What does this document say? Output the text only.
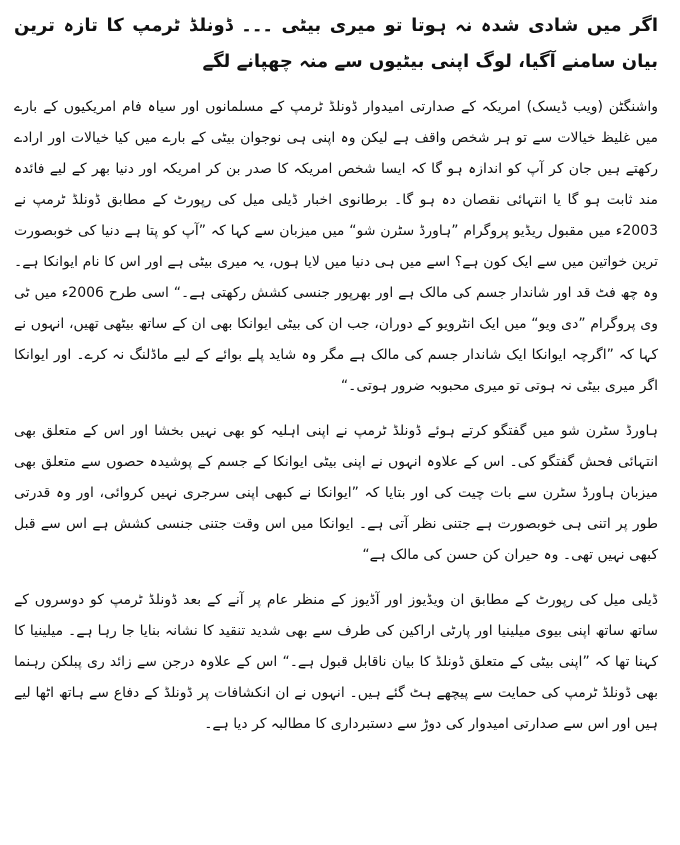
اگر میں شادی شدہ نہ ہوتا تو میری بیٹی ۔۔۔ ڈونلڈ ٹرمپ کا تازہ ترین بیان سامنے آگیا، لوگ اپنی بیٹیوں سے منہ چھپانے لگے

واشنگٹن (ویب ڈیسک) امریکہ کے صدارتی امیدوار ڈونلڈ ٹرمپ کے مسلمانوں اور سیاہ فام امریکیوں کے بارے میں غلیظ خیالات سے تو ہر شخص واقف ہے لیکن وہ اپنی ہی نوجوان بیٹی کے بارے میں کیا خیالات اور ارادے رکھتے ہیں جان کر آپ کو اندازہ ہو گا کہ ایسا شخص امریکہ کا صدر بن کر امریکہ اور دنیا بھر کے لیے فائدہ مند ثابت ہو گا یا انتہائی نقصان دہ ہو گا۔ برطانوی اخبار ڈیلی میل کی رپورٹ کے مطابق ڈونلڈ ٹرمپ نے 2003ء میں مقبول ریڈیو پروگرام ”ہاورڈ سٹرن شو“ میں میزبان سے کہا کہ ”آپ کو پتا ہے دنیا کی خوبصورت ترین خواتین میں سے ایک کون ہے؟ اسے میں ہی دنیا میں لایا ہوں، یہ میری بیٹی ہے اور اس کا نام ایوانکا ہے۔ وہ چھ فٹ قد اور شاندار جسم کی مالک ہے اور بھرپور جنسی کشش رکھتی ہے۔“ اسی طرح 2006ء میں ٹی وی پروگرام ”دی ویو“ میں ایک انٹرویو کے دوران، جب ان کی بیٹی ایوانکا بھی ان کے ساتھ بیٹھی تھیں، انہوں نے کہا کہ ”اگرچہ ایوانکا ایک شاندار جسم کی مالک ہے مگر وہ شاید پلے بوائے کے لیے ماڈلنگ نہ کرے۔ اور ایوانکا اگر میری بیٹی نہ ہوتی تو میری محبوبہ ضرور ہوتی۔“

ہاورڈ سٹرن شو میں گفتگو کرتے ہوئے ڈونلڈ ٹرمپ نے اپنی اہلیہ کو بھی نہیں بخشا اور اس کے متعلق بھی انتہائی فحش گفتگو کی۔ اس کے علاوہ انہوں نے اپنی بیٹی ایوانکا کے جسم کے پوشیدہ حصوں سے متعلق بھی میزبان ہاورڈ سٹرن سے بات چیت کی اور بتایا کہ ”ایوانکا نے کبھی اپنی سرجری نہیں کروائی، اور وہ قدرتی طور پر اتنی ہی خوبصورت ہے جتنی نظر آتی ہے۔ ایوانکا میں اس وقت جتنی جنسی کشش ہے اس سے قبل کبھی نہیں تھی۔ وہ حیران کن حسن کی مالک ہے“

ڈیلی میل کی رپورٹ کے مطابق ان ویڈیوز اور آڈیوز کے منظر عام پر آنے کے بعد ڈونلڈ ٹرمپ کو دوسروں کے ساتھ ساتھ اپنی بیوی میلینیا اور پارٹی اراکین کی طرف سے بھی شدید تنقید کا نشانہ بنایا جا رہا ہے۔ میلینیا کا کہنا تھا کہ ”اپنی بیٹی کے متعلق ڈونلڈ کا بیان ناقابل قبول ہے۔“ اس کے علاوہ درجن سے زائد ری پبلکن رہنما بھی ڈونلڈ ٹرمپ کی حمایت سے پیچھے ہٹ گئے ہیں۔ انہوں نے ان انکشافات پر ڈونلڈ کے دفاع سے ہاتھ اٹھا لیے ہیں اور اس سے صدارتی امیدوار کی دوڑ سے دستبرداری کا مطالبہ کر دیا ہے۔
